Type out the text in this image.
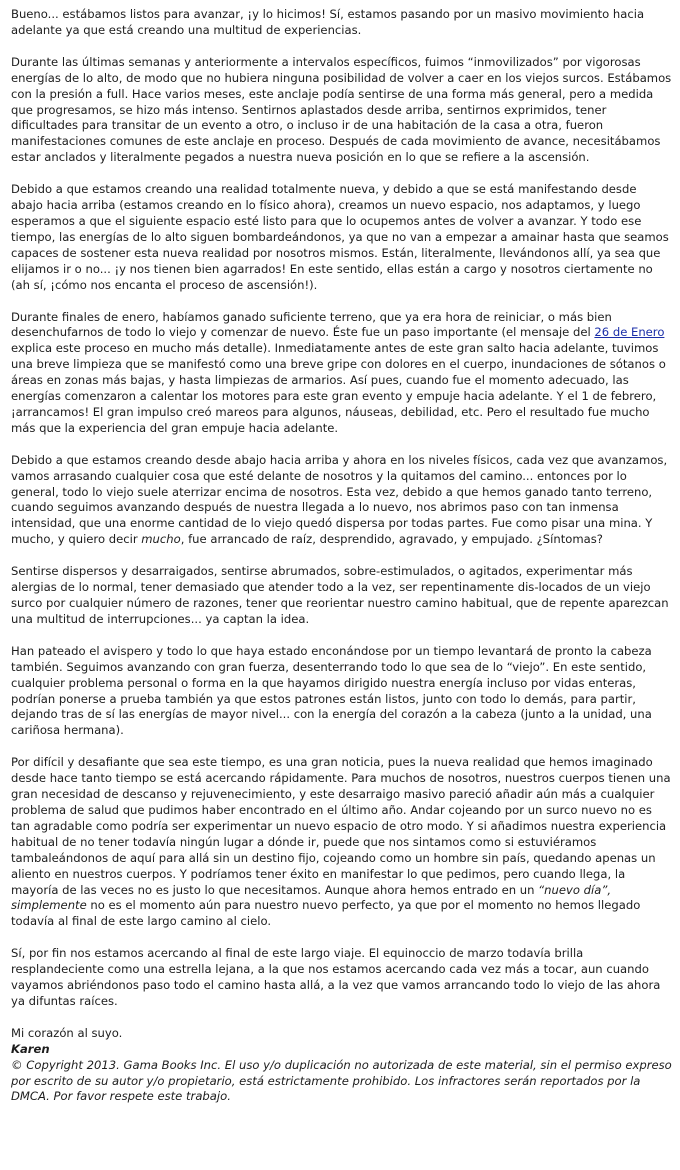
Bueno... estábamos listos para avanzar, ¡y lo hicimos! Sí, estamos pasando por un masivo movimiento hacia adelante ya que está creando una multitud de experiencias.

Durante las últimas semanas y anteriormente a intervalos específicos, fuimos “inmovilizados” por vigorosas energías de lo alto, de modo que no hubiera ninguna posibilidad de volver a caer en los viejos surcos. Estábamos con la presión a full. Hace varios meses, este anclaje podía sentirse de una forma más general, pero a medida que progresamos, se hizo más intenso. Sentirnos aplastados desde arriba, sentirnos exprimidos, tener dificultades para transitar de un evento a otro, o incluso ir de una habitación de la casa a otra, fueron manifestaciones comunes de este anclaje en proceso. Después de cada movimiento de avance, necesitábamos estar anclados y literalmente pegados a nuestra nueva posición en lo que se refiere a la ascensión.

Debido a que estamos creando una realidad totalmente nueva, y debido a que se está manifestando desde abajo hacia arriba (estamos creando en lo físico ahora), creamos un nuevo espacio, nos adaptamos, y luego esperamos a que el siguiente espacio esté listo para que lo ocupemos antes de volver a avanzar. Y todo ese tiempo, las energías de lo alto siguen bombardeándonos, ya que no van a empezar a amainar hasta que seamos capaces de sostener esta nueva realidad por nosotros mismos. Están, literalmente, llevándonos allí, ya sea que elijamos ir o no... ¡y nos tienen bien agarrados! En este sentido, ellas están a cargo y nosotros ciertamente no (ah sí, ¡cómo nos encanta el proceso de ascensión!).

Durante finales de enero, habíamos ganado suficiente terreno, que ya era hora de reiniciar, o más bien desenchufarnos de todo lo viejo y comenzar de nuevo. Éste fue un paso importante (el mensaje del 26 de Enero explica este proceso en mucho más detalle). Inmediatamente antes de este gran salto hacia adelante, tuvimos una breve limpieza que se manifestó como una breve gripe con dolores en el cuerpo, inundaciones de sótanos o áreas en zonas más bajas, y hasta limpiezas de armarios. Así pues, cuando fue el momento adecuado, las energías comenzaron a calentar los motores para este gran evento y empuje hacia adelante. Y el 1 de febrero, ¡arrancamos! El gran impulso creó mareos para algunos, náuseas, debilidad, etc. Pero el resultado fue mucho más que la experiencia del gran empuje hacia adelante.

Debido a que estamos creando desde abajo hacia arriba y ahora en los niveles físicos, cada vez que avanzamos, vamos arrasando cualquier cosa que esté delante de nosotros y la quitamos del camino... entonces por lo general, todo lo viejo suele aterrizar encima de nosotros. Esta vez, debido a que hemos ganado tanto terreno, cuando seguimos avanzando después de nuestra llegada a lo nuevo, nos abrimos paso con tan inmensa intensidad, que una enorme cantidad de lo viejo quedó dispersa por todas partes. Fue como pisar una mina. Y mucho, y quiero decir mucho, fue arrancado de raíz, desprendido, agravado, y empujado. ¿Síntomas?

Sentirse dispersos y desarraigados, sentirse abrumados, sobre-estimulados, o agitados, experimentar más alergias de lo normal, tener demasiado que atender todo a la vez, ser repentinamente dis-locados de un viejo surco por cualquier número de razones, tener que reorientar nuestro camino habitual, que de repente aparezcan una multitud de interrupciones... ya captan la idea.

Han pateado el avispero y todo lo que haya estado enconándose por un tiempo levantará de pronto la cabeza también. Seguimos avanzando con gran fuerza, desenterrando todo lo que sea de lo “viejo”. En este sentido, cualquier problema personal o forma en la que hayamos dirigido nuestra energía incluso por vidas enteras, podrían ponerse a prueba también ya que estos patrones están listos, junto con todo lo demás, para partir, dejando tras de sí las energías de mayor nivel... con la energía del corazón a la cabeza (junto a la unidad, una cariñosa hermana).

Por difícil y desafiante que sea este tiempo, es una gran noticia, pues la nueva realidad que hemos imaginado desde hace tanto tiempo se está acercando rápidamente. Para muchos de nosotros, nuestros cuerpos tienen una gran necesidad de descanso y rejuvenecimiento, y este desarraigo masivo pareció añadir aún más a cualquier problema de salud que pudimos haber encontrado en el último año. Andar cojeando por un surco nuevo no es tan agradable como podría ser experimentar un nuevo espacio de otro modo. Y si añadimos nuestra experiencia habitual de no tener todavía ningún lugar a dónde ir, puede que nos sintamos como si estuviéramos tambaleándonos de aquí para allá sin un destino fijo, cojeando como un hombre sin país, quedando apenas un aliento en nuestros cuerpos. Y podríamos tener éxito en manifestar lo que pedimos, pero cuando llega, la mayoría de las veces no es justo lo que necesitamos. Aunque ahora hemos entrado en un “nuevo día”, simplemente no es el momento aún para nuestro nuevo perfecto, ya que por el momento no hemos llegado todavía al final de este largo camino al cielo.

Sí, por fin nos estamos acercando al final de este largo viaje. El equinoccio de marzo todavía brilla resplandeciente como una estrella lejana, a la que nos estamos acercando cada vez más a tocar, aun cuando vayamos abriéndonos paso todo el camino hasta allá, a la vez que vamos arrancando todo lo viejo de las ahora ya difuntas raíces.

Mi corazón al suyo.

Karen

© Copyright 2013. Gama Books Inc. El uso y/o duplicación no autorizada de este material, sin el permiso expreso por escrito de su autor y/o propietario, está estrictamente prohibido. Los infractores serán reportados por la DMCA. Por favor respete este trabajo.
